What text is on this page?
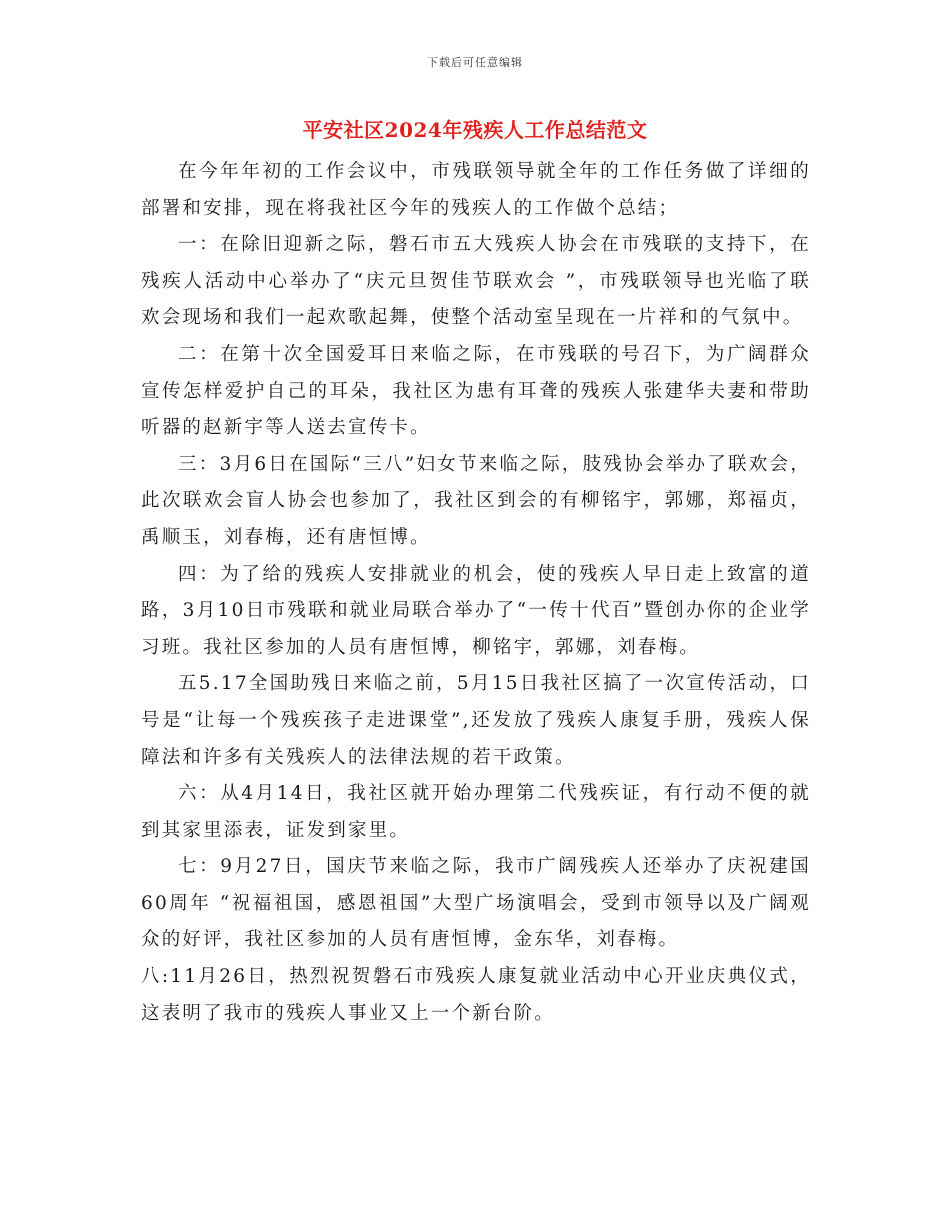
下载后可任意编辑
平安社区2024年残疾人工作总结范文

在今年年初的工作会议中，市残联领导就全年的工作任务做了详细的部署和安排，现在将我社区今年的残疾人的工作做个总结；

一：在除旧迎新之际，磐石市五大残疾人协会在市残联的支持下，在残疾人活动中心举办了“庆元旦贺佳节联欢会 ”，市残联领导也光临了联欢会现场和我们一起欢歌起舞，使整个活动室呈现在一片祥和的气氛中。

二：在第十次全国爱耳日来临之际，在市残联的号召下，为广阔群众宣传怎样爱护自己的耳朵，我社区为患有耳聋的残疾人张建华夫妻和带助听器的赵新宇等人送去宣传卡。

三：3月6日在国际“三八”妇女节来临之际，肢残协会举办了联欢会，此次联欢会盲人协会也参加了，我社区到会的有柳铭宇，郭娜，郑福贞，禹顺玉，刘春梅，还有唐恒博。

四：为了给的残疾人安排就业的机会，使的残疾人早日走上致富的道路，3月10日市残联和就业局联合举办了“一传十代百”暨创办你的企业学习班。我社区参加的人员有唐恒博，柳铭宇，郭娜，刘春梅。

五5.17全国助残日来临之前，5月15日我社区搞了一次宣传活动，口号是“让每一个残疾孩子走进课堂”,还发放了残疾人康复手册，残疾人保障法和许多有关残疾人的法律法规的若干政策。

六：从4月14日，我社区就开始办理第二代残疾证，有行动不便的就到其家里添表，证发到家里。

七：9月27日，国庆节来临之际，我市广阔残疾人还举办了庆祝建国60周年 “祝福祖国，感恩祖国”大型广场演唱会，受到市领导以及广阔观众的好评，我社区参加的人员有唐恒博，金东华，刘春梅。

八:11月26日，热烈祝贺磐石市残疾人康复就业活动中心开业庆典仪式，这表明了我市的残疾人事业又上一个新台阶。
